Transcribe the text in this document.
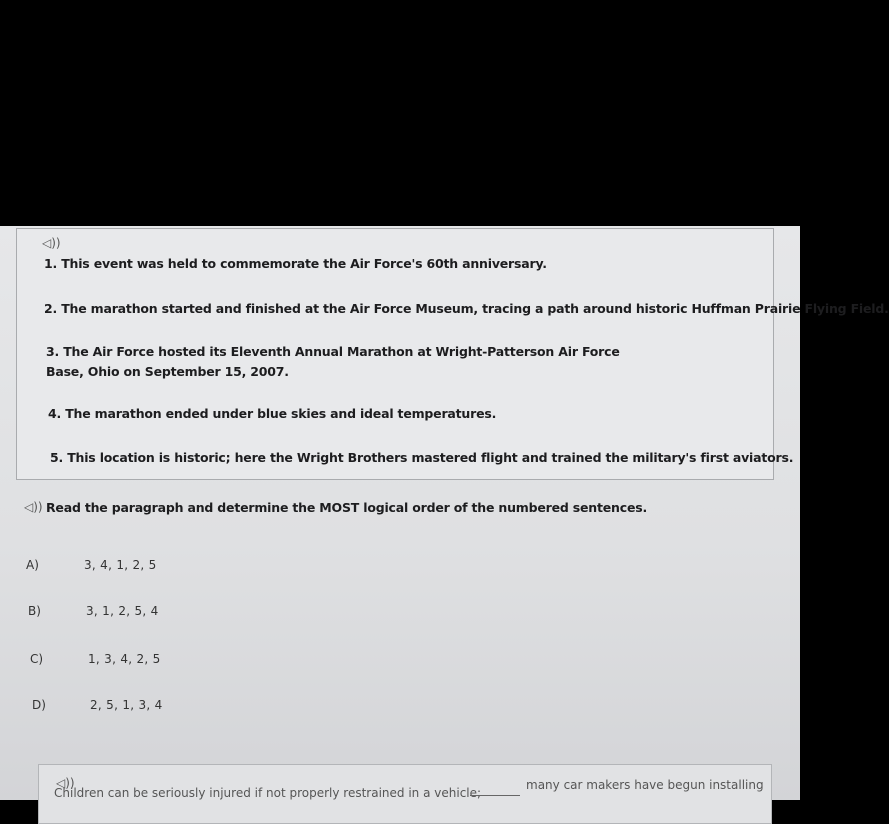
◁))
1. This event was held to commemorate the Air Force's 60th anniversary.
2. The marathon started and finished at the Air Force Museum, tracing a path around historic Huffman Prairie Flying Field.
3. The Air Force hosted its Eleventh Annual Marathon at Wright-Patterson Air Force
Base, Ohio on September 15, 2007.
4. The marathon ended under blue skies and ideal temperatures.
5. This location is historic; here the Wright Brothers mastered flight and trained the military's first aviators.
◁)) Read the paragraph and determine the MOST logical order of the numbered sentences.
A)	3, 4, 1, 2, 5
B)	3, 1, 2, 5, 4
C)	1, 3, 4, 2, 5
D)	2, 5, 1, 3, 4
◁))
Children can be seriously injured if not properly restrained in a vehicle;
many car makers have begun installing
